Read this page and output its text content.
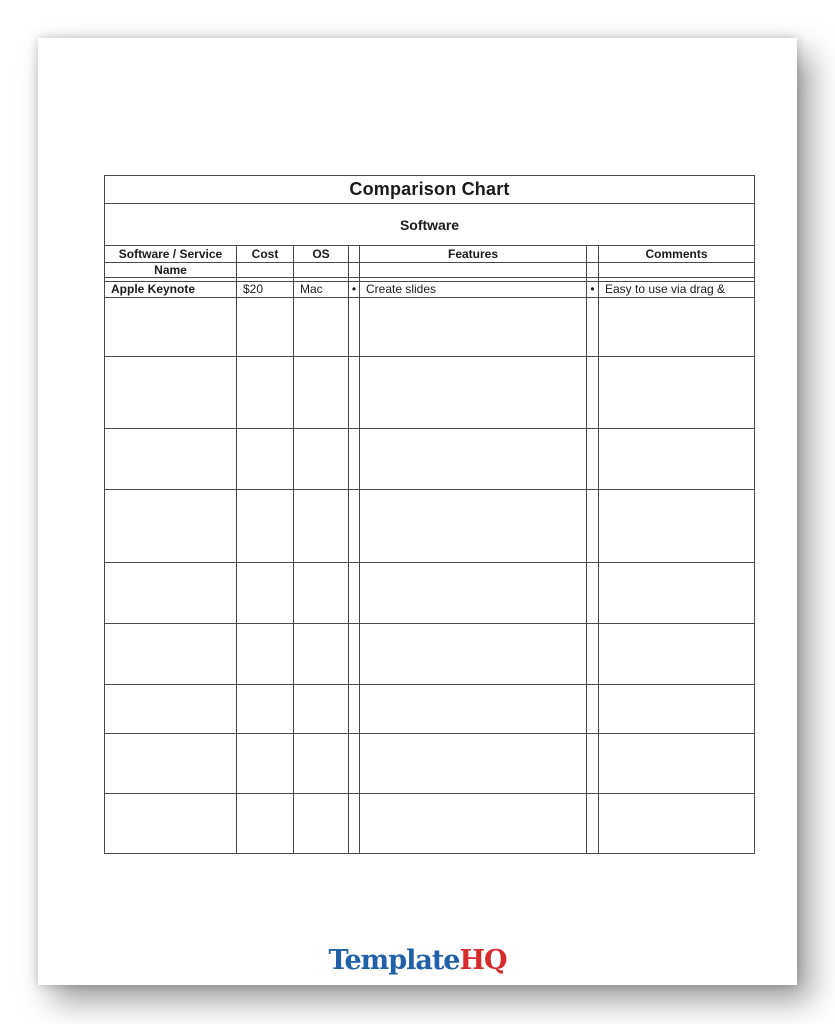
Comparison Chart						
Software						
Software / Service	Cost	OS		Features		Comments
Name						

Apple Keynote	$20	Mac	•	Create slides	•	Easy to use via drag &

TemplateHQ
